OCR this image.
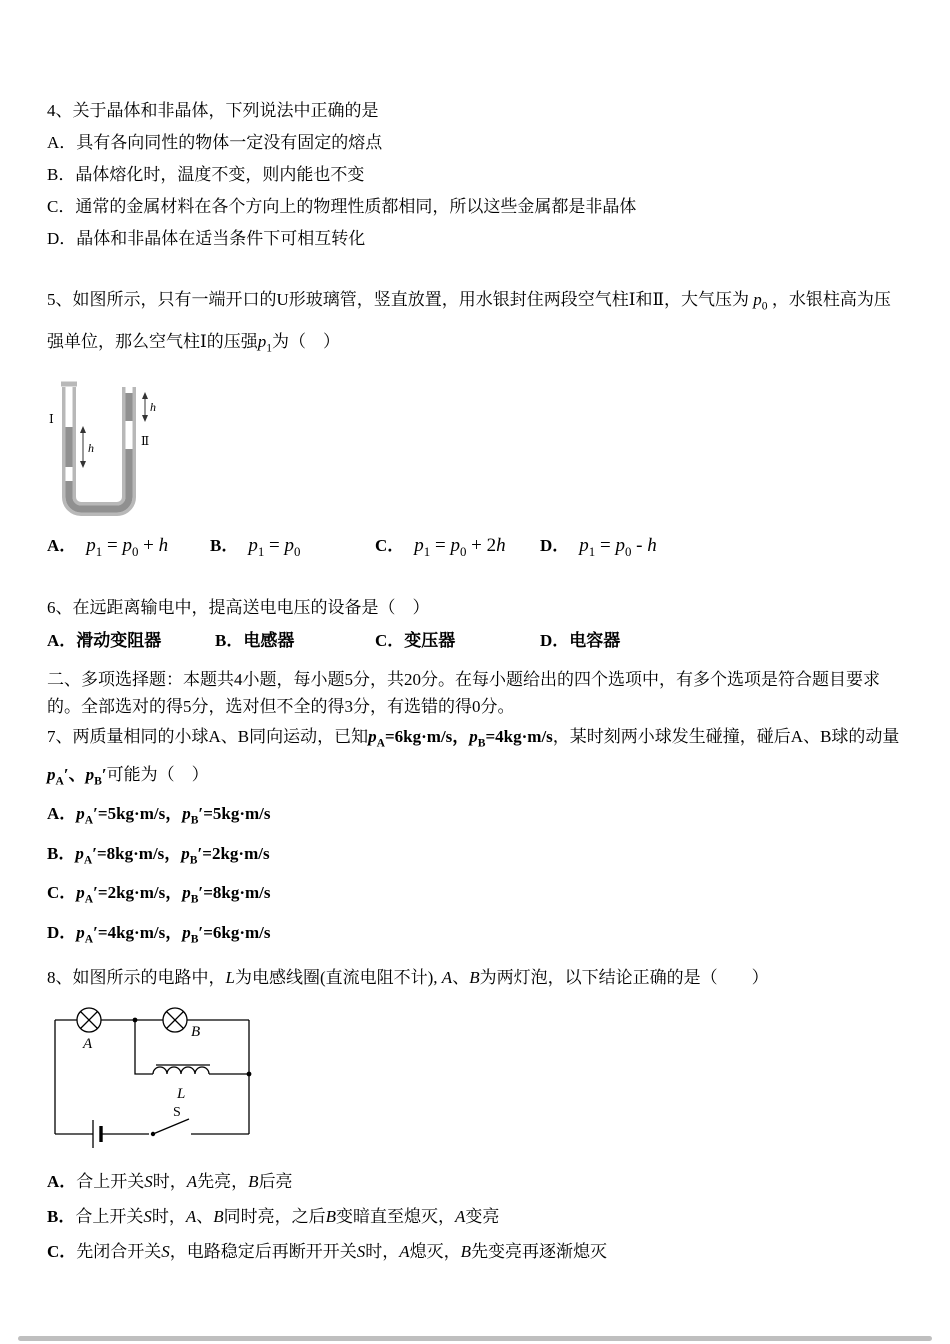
4、关于晶体和非晶体，下列说法中正确的是

A．具有各向同性的物体一定没有固定的熔点

B．晶体熔化时，温度不变，则内能也不变

C．通常的金属材料在各个方向上的物理性质都相同，所以这些金属都是非晶体

D．晶体和非晶体在适当条件下可相互转化

5、如图所示，只有一端开口的U形玻璃管，竖直放置，用水银封住两段空气柱Ⅰ和Ⅱ，大气压为 $p_0$ ，水银柱高为压强单位，那么空气柱Ⅰ的压强$p_1$为（　）

h
h
Ⅰ
Ⅱ
A． $p_1 = p_0 + h$ B． $p_1 = p_0$	C． $p_1 = p_0 + 2h$ D． $p_1 = p_0 - h$

6、在远距离输电中，提高送电电压的设备是（　）

A．滑动变阻器	B．电感器	C．变压器	D．电容器

二、多项选择题：本题共4小题，每小题5分，共20分。在每小题给出的四个选项中，有多个选项是符合题目要求的。全部选对的得5分，选对但不全的得3分，有选错的得0分。

7、两质量相同的小球A、B同向运动，已知$p_A=6kg\cdot m/s$，$p_B=4kg\cdot m/s$，某时刻两小球发生碰撞，碰后A、B球的动量$p_A'$、$p_B'$可能为（　）

A．$p_A'=5kg\cdot m/s$，$p_B'=5kg\cdot m/s$

B．$p_A'=8kg\cdot m/s$，$p_B'=2kg\cdot m/s$

C．$p_A'=2kg\cdot m/s$，$p_B'=8kg\cdot m/s$

D．$p_A'=4kg\cdot m/s$，$p_B'=6kg\cdot m/s$

8、如图所示的电路中，L为电感线圈(直流电阻不计), A、B为两灯泡，以下结论正确的是（　　）

A
B
L
S

A．合上开关S时，A先亮，B后亮

B．合上开关S时，A、B同时亮，之后B变暗直至熄灭，A变亮

C．先闭合开关S，电路稳定后再断开开关S时，A熄灭，B先变亮再逐渐熄灭
